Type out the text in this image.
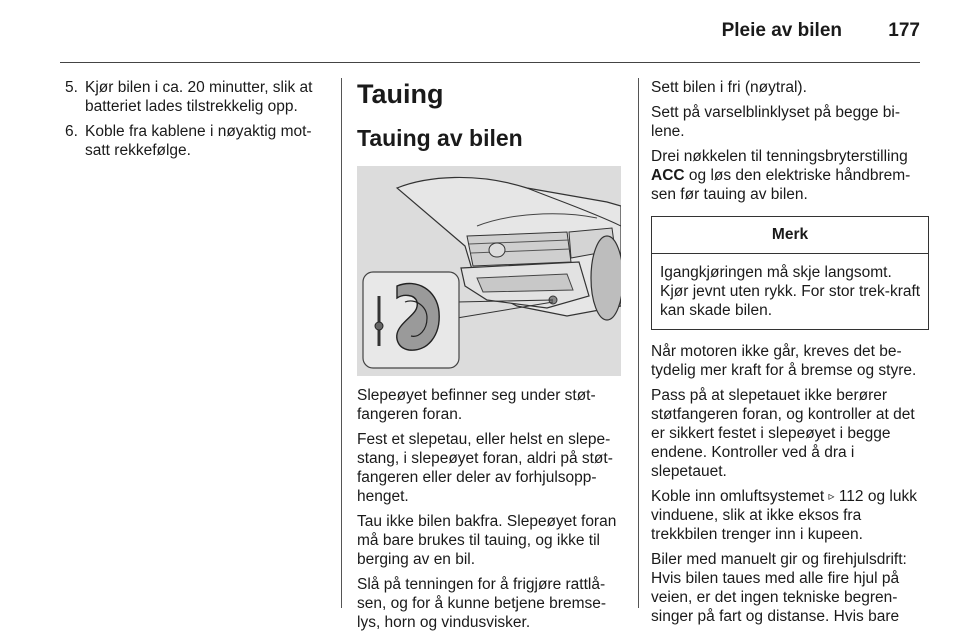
Pleie av bilen 177
5. Kjør bilen i ca. 20 minutter, slik at batteriet lades tilstrekkelig opp.
6. Koble fra kablene i nøyaktig mot-satt rekkefølge.
Tauing
Tauing av bilen

Slepeøyet befinner seg under støt-fangeren foran.

Fest et slepetau, eller helst en slepe-stang, i slepeøyet foran, aldri på støt-fangeren eller deler av forhjulsopp-henget.

Tau ikke bilen bakfra. Slepeøyet foran må bare brukes til tauing, og ikke til berging av en bil.

Slå på tenningen for å frigjøre rattlå-sen, og for å kunne betjene bremse-lys, horn og vindusvisker.

Sett bilen i fri (nøytral).

Sett på varselblinklyset på begge bi-lene.

Drei nøkkelen til tenningsbryterstilling ACC og løs den elektriske håndbrem-sen før tauing av bilen.

Merk

Igangkjøringen må skje langsomt. Kjør jevnt uten rykk. For stor trek-kraft kan skade bilen.

Når motoren ikke går, kreves det be-tydelig mer kraft for å bremse og styre.

Pass på at slepetauet ikke berører støtfangeren foran, og kontroller at det er sikkert festet i slepeøyet i begge endene. Kontroller ved å dra i slepetauet.

Koble inn omluftsystemet ▹ 112 og lukk vinduene, slik at ikke eksos fra trekkbilen trenger inn i kupeen.

Biler med manuelt gir og firehjulsdrift: Hvis bilen taues med alle fire hjul på veien, er det ingen tekniske begren-singer på fart og distanse. Hvis bare
